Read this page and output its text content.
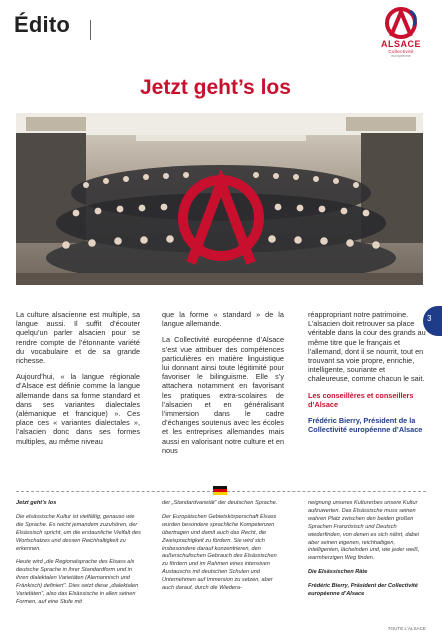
Édito
ALSACE
Collectivité
européenne
Jetzt geht’s los
3

La culture alsacienne est multiple, sa langue aussi. Il suffit d’écouter quelqu’un parler alsacien pour se rendre compte de l’étonnante variété du vocabulaire et de sa grande richesse.

Aujourd’hui, « la langue régionale d’Alsace est définie comme la langue allemande dans sa forme standard et dans ses variantes dialectales (alémanique et francique) ». Ces place ces « variantes dialectales », l’alsacien donc dans ses formes multiples, au même niveau

que la forme « standard » de la langue allemande.

La Collectivité européenne d’Alsace s’est vue attribuer des compétences particulières en matière linguistique lui donnant ainsi toute légitimité pour favoriser le bilinguisme. Elle s’y attachera notamment en favorisant les pratiques extra-scolaires de l’alsacien et en généralisant l’immersion dans le cadre d’échanges soutenus avec les écoles et les entreprises allemandes mais aussi en valorisant notre culture et en nous

réappropriant notre patrimoine. L’alsacien doit retrouver sa place véritable dans la cour des grands au même titre que le français et l’allemand, dont il se nourrit, tout en trouvant sa voie propre, enrichie, intelligente, souriante et chaleureuse, comme chacun le sait.

Les conseillères et conseillers d’Alsace

Frédéric Bierry, Président de la Collectivité européenne d’Alsace

Jetzt geht’s los

Die elsässische Kultur ist vielfältig, genauso wie die Sprache. Es reicht jemandem zuzuhören, der Elsässisch spricht, um die erstaunliche Vielfalt des Wortschatzes und dessen Reichhaltigkeit zu erkennen.

Heute wird „die Regionalsprache des Elsass als deutsche Sprache in ihrer Standardform und in ihren dialektalen Varietäten (Alemannisch und Fränkisch) definiert“. Dies setzt diese „dialektalen Varietäten“, also das Elsässische in allen seinen Formen, auf eine Stufe mit

der „Standardvarietät“ der deutschen Sprache.

Der Europäischen Gebietskörperschaft Elsass wurden besondere sprachliche Kompetenzen übertragen und damit auch das Recht, die Zweisprachigkeit zu fördern. Sie wird sich insbesondere darauf konzentrieren, den außerschulischen Gebrauch des Elsässischen zu fördern und im Rahmen eines intensiven Austauschs mit deutschen Schulen und Unternehmen auf Immersion zu setzen, aber auch darauf, durch die Wiedera-

neignung unseres Kulturerbes unsere Kultur aufzuwerten. Das Elsässische muss seinen wahren Platz zwischen den beiden großen Sprachen Französisch und Deutsch wiederfinden, von denen es sich nährt, dabei aber seinen eigenen, reichhaltigen, intelligenten, lächelnden und, wie jeder weiß, warmherzigen Weg finden.

Die Elsässischen Räte

Frédéric Bierry, Präsident der Collectivité européenne d’Alsace

TOUTE L’ALSACE
